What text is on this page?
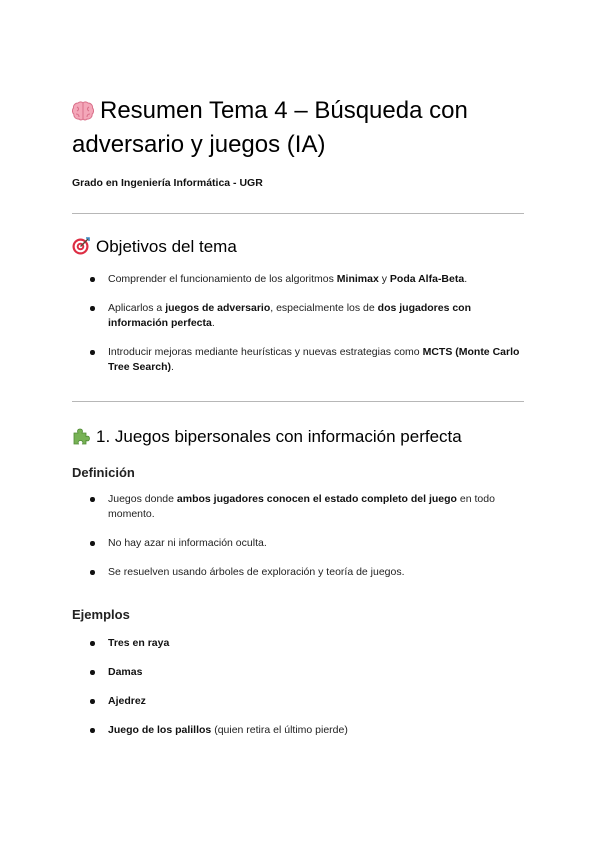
Resumen Tema 4 – Búsqueda con adversario y juegos (IA)

Grado en Ingeniería Informática - UGR

Objetivos del tema
Comprender el funcionamiento de los algoritmos Minimax y Poda Alfa-Beta.
Aplicarlos a juegos de adversario, especialmente los de dos jugadores con información perfecta.
Introducir mejoras mediante heurísticas y nuevas estrategias como MCTS (Monte Carlo Tree Search).
1. Juegos bipersonales con información perfecta
Definición
Juegos donde ambos jugadores conocen el estado completo del juego en todo momento.
No hay azar ni información oculta.
Se resuelven usando árboles de exploración y teoría de juegos.
Ejemplos
Tres en raya
Damas
Ajedrez
Juego de los palillos (quien retira el último pierde)
